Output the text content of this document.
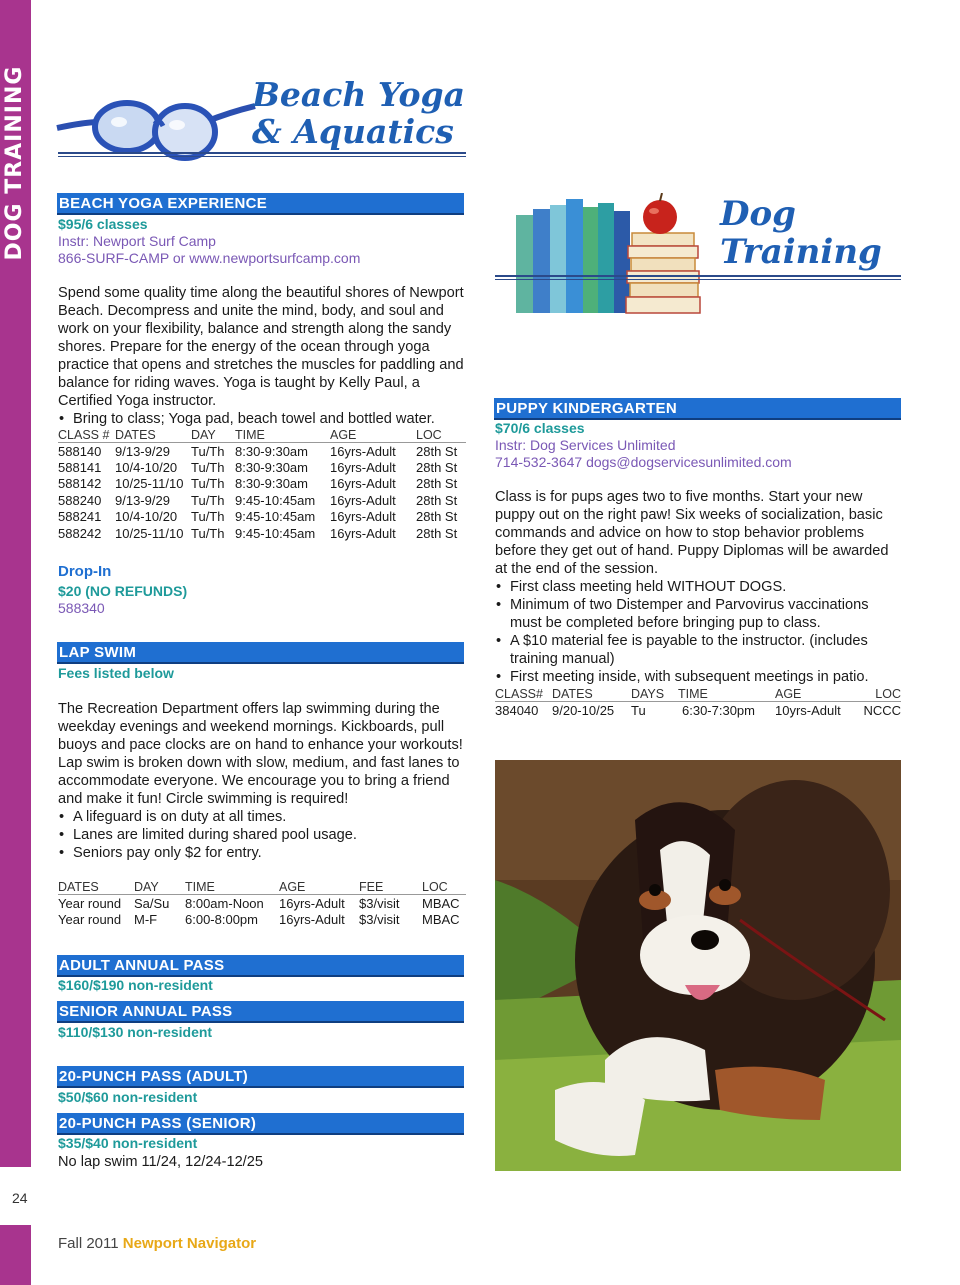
DOG TRAINING
24
Fall 2011 Newport Navigator
Beach Yoga
& Aquatics
BEACH YOGA EXPERIENCE
$95/6 classes
Instr: Newport Surf Camp
866-SURF-CAMP or www.newportsurfcamp.com
Spend some quality time along the beautiful shores of Newport Beach. Decompress and unite the mind, body, and soul and work on your flexibility, balance and strength along the sandy shores. Prepare for the energy of the ocean through yoga practice that opens and stretches the muscles for paddling and balance for riding waves. Yoga is taught by Kelly Paul, a Certified Yoga instructor.
• Bring to class; Yoga pad, beach towel and bottled water.
CLASS #	DATES	DAY	TIME	AGE	LOC
588140	9/13-9/29	Tu/Th	8:30-9:30am	16yrs-Adult	28th St
588141	10/4-10/20	Tu/Th	8:30-9:30am	16yrs-Adult	28th St
588142	10/25-11/10	Tu/Th	8:30-9:30am	16yrs-Adult	28th St
588240	9/13-9/29	Tu/Th	9:45-10:45am	16yrs-Adult	28th St
588241	10/4-10/20	Tu/Th	9:45-10:45am	16yrs-Adult	28th St
588242	10/25-11/10	Tu/Th	9:45-10:45am	16yrs-Adult	28th St
Drop-In
$20 (NO REFUNDS)
588340
LAP SWIM
Fees listed below
The Recreation Department offers lap swimming during the weekday evenings and weekend mornings. Kickboards, pull buoys and pace clocks are on hand to enhance your workouts! Lap swim is broken down with slow, medium, and fast lanes to accommodate everyone. We encourage you to bring a friend and make it fun! Circle swimming is required!
• A lifeguard is on duty at all times.
• Lanes are limited during shared pool usage.
• Seniors pay only $2 for entry.
DATES	DAY	TIME	AGE	FEE	LOC
Year round	Sa/Su	8:00am-Noon	16yrs-Adult	$3/visit	MBAC
Year round	M-F	6:00-8:00pm	16yrs-Adult	$3/visit	MBAC
ADULT ANNUAL PASS
$160/$190 non-resident
SENIOR ANNUAL PASS
$110/$130 non-resident
20-PUNCH PASS (ADULT)
$50/$60 non-resident
20-PUNCH PASS (SENIOR)
$35/$40 non-resident
No lap swim 11/24, 12/24-12/25
Dog
Training
PUPPY KINDERGARTEN
$70/6 classes
Instr: Dog Services Unlimited
714-532-3647 dogs@dogservicesunlimited.com
Class is for pups ages two to five months. Start your new puppy out on the right paw! Six weeks of socialization, basic commands and advice on how to stop behavior problems before they get out of hand. Puppy Diplomas will be awarded at the end of the session.
• First class meeting held WITHOUT DOGS.
• Minimum of two Distemper and Parvovirus vaccinations must be completed before bringing pup to class.
• A $10 material fee is payable to the instructor. (includes training manual)
• First meeting inside, with subsequent meetings in patio.
CLASS#	DATES	DAYS	TIME	AGE	LOC
384040	9/20-10/25	Tu	6:30-7:30pm	10yrs-Adult	NCCC
